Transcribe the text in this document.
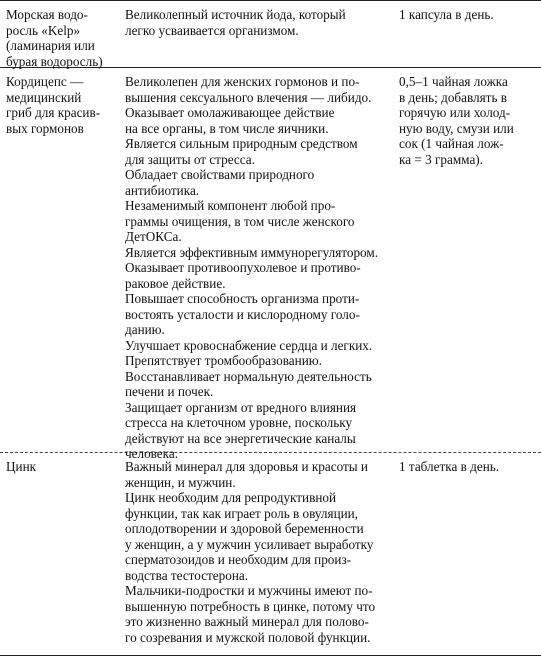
Морская водо-
росль «Kelp»
(ламинария или
бурая водоросль)
Великолепный источник йода, который
легко усваивается организмом.
1 капсула в день.
Кордицепс —
медицинский
гриб для красив-
вых гормонов
Великолепен для женских гормонов и по-
вышения сексуального влечения — либидо.
Оказывает омолаживающее действие
на все органы, в том числе яичники.
Является сильным природным средством
для защиты от стресса.
Обладает свойствами природного
антибиотика.
Незаменимый компонент любой про-
граммы очищения, в том числе женского
ДетОКСа.
Является эффективным иммунорегулятором.
Оказывает противоопухолевое и противо-
раковое действие.
Повышает способность организма проти-
востоять усталости и кислородному голо-
данию.
Улучшает кровоснабжение сердца и легких.
Препятствует тромбообразованию.
Восстанавливает нормальную деятельность
печени и почек.
Защищает организм от вредного влияния
стресса на клеточном уровне, поскольку
действуют на все энергетические каналы
человека.
0,5–1 чайная ложка
в день; добавлять в
горячую или холод-
ную воду, смузи или
сок (1 чайная лож-
ка = 3 грамма).
Цинк	Важный минерал для здоровья и красоты и
женщин, и мужчин.
Цинк необходим для репродуктивной
функции, так как играет роль в овуляции,
оплодотворении и здоровой беременности
у женщин, а у мужчин усиливает выработку
сперматозоидов и необходим для произ-
водства тестостерона.
Мальчики-подростки и мужчины имеют по-
вышенную потребность в цинке, потому что
это жизненно важный минерал для полово-
го созревания и мужской половой функции.
1 таблетка в день.
